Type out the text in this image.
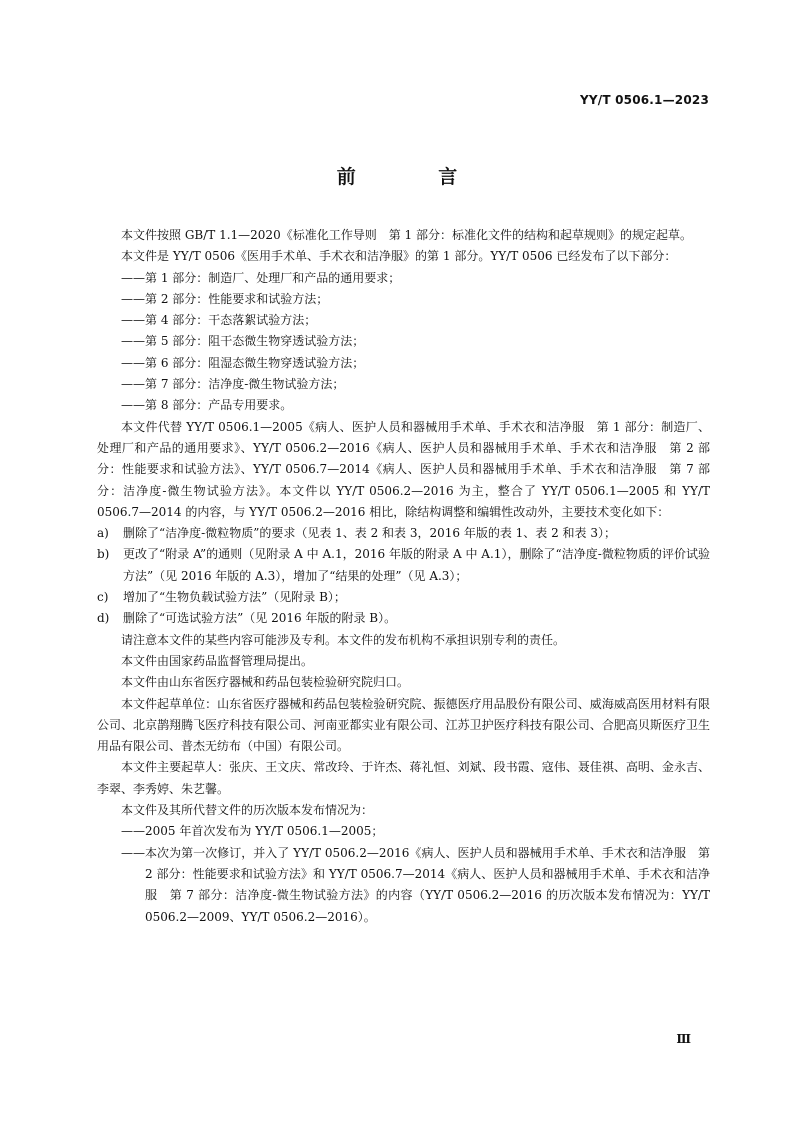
YY/T 0506.1—2023
前 言

本文件按照 GB/T 1.1—2020《标准化工作导则　第 1 部分：标准化文件的结构和起草规则》的规定起草。

本文件是 YY/T 0506《医用手术单、手术衣和洁净服》的第 1 部分。YY/T 0506 已经发布了以下部分：

——第 1 部分：制造厂、处理厂和产品的通用要求；

——第 2 部分：性能要求和试验方法；

——第 4 部分：干态落絮试验方法；

——第 5 部分：阻干态微生物穿透试验方法；

——第 6 部分：阻湿态微生物穿透试验方法；

——第 7 部分：洁净度-微生物试验方法；

——第 8 部分：产品专用要求。

本文件代替 YY/T 0506.1—2005《病人、医护人员和器械用手术单、手术衣和洁净服　第 1 部分：制造厂、处理厂和产品的通用要求》、YY/T 0506.2—2016《病人、医护人员和器械用手术单、手术衣和洁净服　第 2 部分：性能要求和试验方法》、YY/T 0506.7—2014《病人、医护人员和器械用手术单、手术衣和洁净服　第 7 部分：洁净度-微生物试验方法》。本文件以 YY/T 0506.2—2016 为主，整合了 YY/T 0506.1—2005 和 YY/T 0506.7—2014 的内容，与 YY/T 0506.2—2016 相比，除结构调整和编辑性改动外，主要技术变化如下：

a)	删除了“洁净度-微粒物质”的要求（见表 1、表 2 和表 3，2016 年版的表 1、表 2 和表 3）；
b)	更改了“附录 A”的通则（见附录 A 中 A.1，2016 年版的附录 A 中 A.1），删除了“洁净度-微粒物质的评价试验方法”（见 2016 年版的 A.3），增加了“结果的处理”（见 A.3）；
c)	增加了“生物负载试验方法”（见附录 B）；
d)	删除了“可选试验方法”（见 2016 年版的附录 B）。

请注意本文件的某些内容可能涉及专利。本文件的发布机构不承担识别专利的责任。

本文件由国家药品监督管理局提出。

本文件由山东省医疗器械和药品包装检验研究院归口。

本文件起草单位：山东省医疗器械和药品包装检验研究院、振德医疗用品股份有限公司、威海威高医用材料有限公司、北京鹊翔腾飞医疗科技有限公司、河南亚都实业有限公司、江苏卫护医疗科技有限公司、合肥高贝斯医疗卫生用品有限公司、普杰无纺布（中国）有限公司。

本文件主要起草人：张庆、王文庆、常改玲、于许杰、蒋礼恒、刘斌、段书霞、寇伟、聂佳祺、高明、金永吉、李翠、李秀婷、朱艺馨。

本文件及其所代替文件的历次版本发布情况为：

——2005 年首次发布为 YY/T 0506.1—2005；

——本次为第一次修订，并入了 YY/T 0506.2—2016《病人、医护人员和器械用手术单、手术衣和洁净服　第 2 部分：性能要求和试验方法》和 YY/T 0506.7—2014《病人、医护人员和器械用手术单、手术衣和洁净服　第 7 部分：洁净度-微生物试验方法》的内容（YY/T 0506.2—2016 的历次版本发布情况为：YY/T 0506.2—2009、YY/T 0506.2—2016）。

Ⅲ
